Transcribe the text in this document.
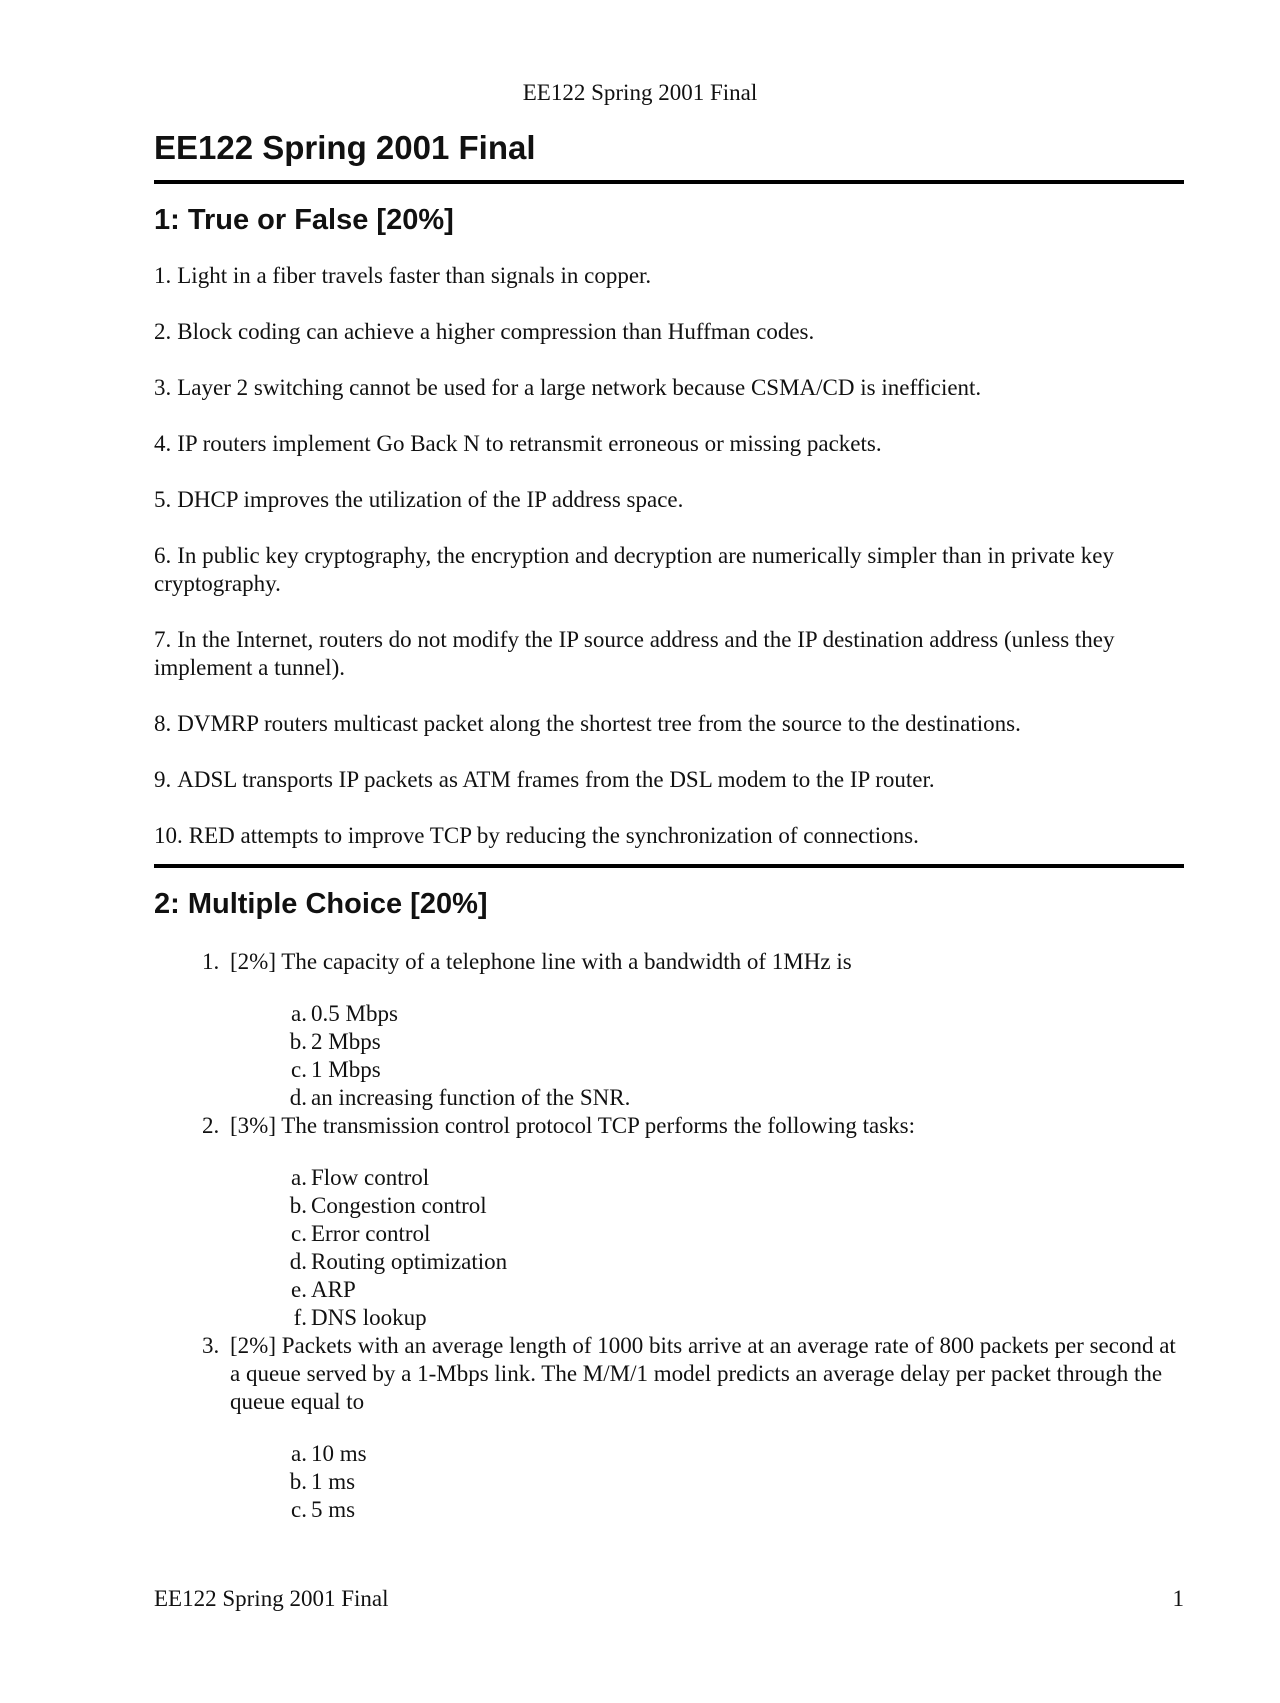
EE122 Spring 2001 Final
EE122 Spring 2001 Final
1: True or False [20%]
1. Light in a fiber travels faster than signals in copper.
2. Block coding can achieve a higher compression than Huffman codes.
3. Layer 2 switching cannot be used for a large network because CSMA/CD is inefficient.
4. IP routers implement Go Back N to retransmit erroneous or missing packets.
5. DHCP improves the utilization of the IP address space.
6. In public key cryptography, the encryption and decryption are numerically simpler than in private key cryptography.
7. In the Internet, routers do not modify the IP source address and the IP destination address (unless they implement a tunnel).
8. DVMRP routers multicast packet along the shortest tree from the source to the destinations.
9. ADSL transports IP packets as ATM frames from the DSL modem to the IP router.
10. RED attempts to improve TCP by reducing the synchronization of connections.
2: Multiple Choice [20%]
1. [2%] The capacity of a telephone line with a bandwidth of 1MHz is
a. 0.5 Mbps
b. 2 Mbps
c. 1 Mbps
d. an increasing function of the SNR.
2. [3%] The transmission control protocol TCP performs the following tasks:
a. Flow control
b. Congestion control
c. Error control
d. Routing optimization
e. ARP
f. DNS lookup
3. [2%] Packets with an average length of 1000 bits arrive at an average rate of 800 packets per second at a queue served by a 1-Mbps link. The M/M/1 model predicts an average delay per packet through the queue equal to
a. 10 ms
b. 1 ms
c. 5 ms
EE122 Spring 2001 Final	1
